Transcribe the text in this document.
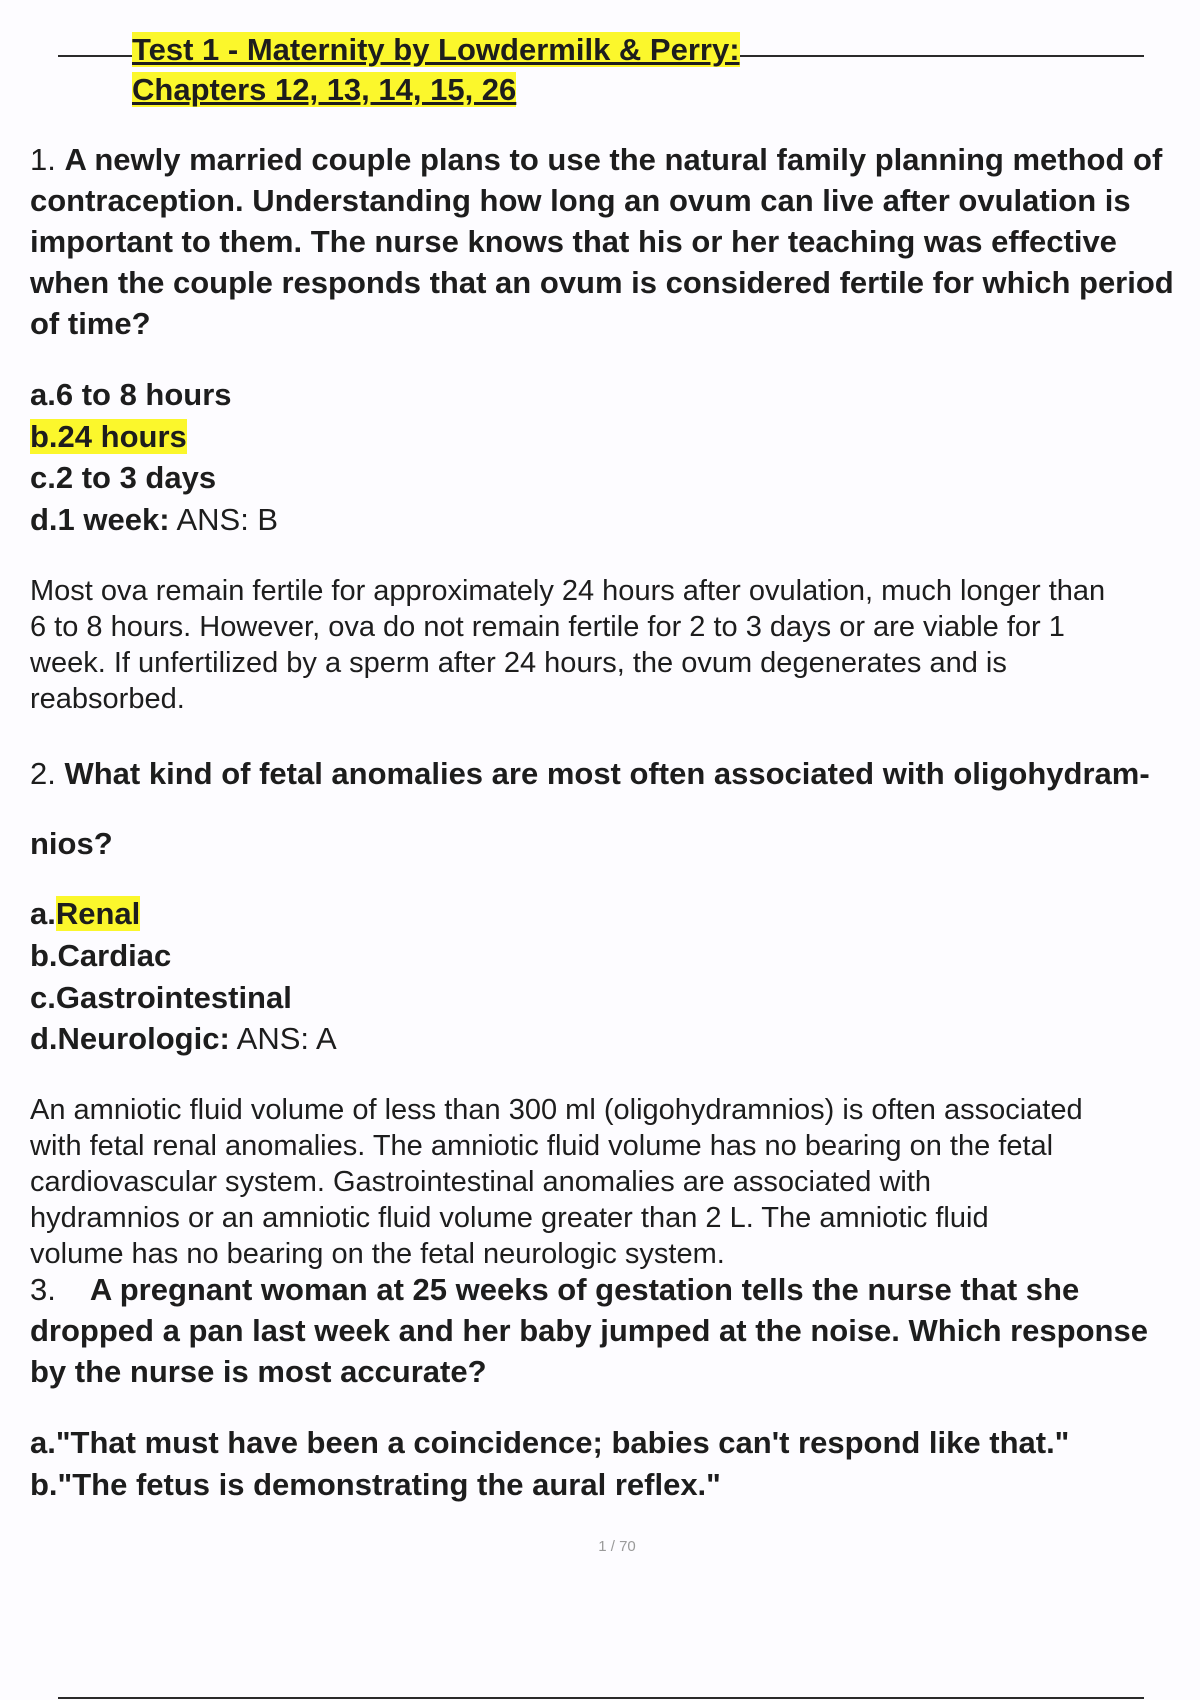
Test 1 - Maternity by Lowdermilk & Perry:
Chapters 12, 13, 14, 15, 26
1. A newly married couple plans to use the natural family planning method of
contraception. Understanding how long an ovum can live after ovulation is
important to them. The nurse knows that his or her teaching was effective
when the couple responds that an ovum is considered fertile for which period
of time?
a.6 to 8 hours
b.24 hours
c.2 to 3 days
d.1 week: ANS: B
Most ova remain fertile for approximately 24 hours after ovulation, much longer than
6 to 8 hours. However, ova do not remain fertile for 2 to 3 days or are viable for 1
week. If unfertilized by a sperm after 24 hours, the ovum degenerates and is
reabsorbed.
2. What kind of fetal anomalies are most often associated with oligohydram-
nios?
a.Renal
b.Cardiac
c.Gastrointestinal
d.Neurologic: ANS: A
An amniotic fluid volume of less than 300 ml (oligohydramnios) is often associated
with fetal renal anomalies. The amniotic fluid volume has no bearing on the fetal
cardiovascular system. Gastrointestinal anomalies are associated with
hydramnios or an amniotic fluid volume greater than 2 L. The amniotic fluid
volume has no bearing on the fetal neurologic system.
3. A pregnant woman at 25 weeks of gestation tells the nurse that she
dropped a pan last week and her baby jumped at the noise. Which response
by the nurse is most accurate?
a."That must have been a coincidence; babies can't respond like that."
b."The fetus is demonstrating the aural reflex."
1 / 70
